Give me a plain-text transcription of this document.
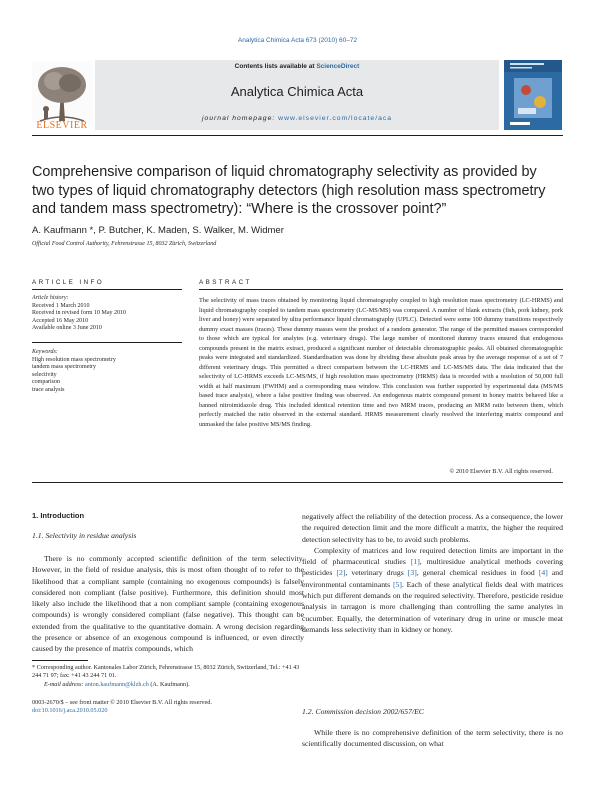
Analytica Chimica Acta 673 (2010) 60–72
ELSEVIER
Contents lists available at ScienceDirect
Analytica Chimica Acta
journal homepage: www.elsevier.com/locate/aca
Comprehensive comparison of liquid chromatography selectivity as provided by two types of liquid chromatography detectors (high resolution mass spectrometry and tandem mass spectrometry): “Where is the crossover point?”
A. Kaufmann *, P. Butcher, K. Maden, S. Walker, M. Widmer
Official Food Control Authority, Fehrenstrasse 15, 8032 Zürich, Switzerland
ARTICLE INFO	ABSTRACT
Article history:
Received 1 March 2010
Received in revised form 10 May 2010
Accepted 16 May 2010
Available online 3 June 2010
Keywords:
High resolution mass spectrometry
tandem mass spectrometry
selectivity
comparison
trace analysis
The selectivity of mass traces obtained by monitoring liquid chromatography coupled to high resolution mass spectrometry (LC-HRMS) and liquid chromatography coupled to tandem mass spectrometry (LC-MS/MS) was compared. A number of blank extracts (fish, pork kidney, pork liver and honey) were separated by ultra performance liquid chromatography (UPLC). Detected were some 100 dummy transitions respectively dummy exact masses (traces). These dummy masses were the product of a random generator. The range of the permitted masses corresponded to those which are typical for analytes (e.g. veterinary drugs). The large number of monitored dummy traces ensured that endogenous compounds present in the matrix extract, produced a significant number of detectable chromatographic peaks. All obtained chromatographic peaks were integrated and standardized. Standardisation was done by dividing these absolute peak areas by the average response of a set of 7 different veterinary drugs. This permitted a direct comparison between the LC-HRMS and LC-MS/MS data. The data indicated that the selectivity of LC-HRMS exceeds LC-MS/MS, if high resolution mass spectrometry (HRMS) data is recorded with a resolution of 50,000 full width at half maximum (FWHM) and a corresponding mass window. This conclusion was further supported by experimental data (MS/MS based trace analysis), where a false positive finding was observed. An endogenous matrix compound present in honey matrix behaved like a banned nitroimidazole drug. This included identical retention time and two MRM traces, producing an MRM ratio between them, which perfectly matched the ratio observed in the external standard. HRMS measurement clearly resolved the interfering matrix compound and unmasked the false positive MS/MS finding.
© 2010 Elsevier B.V. All rights reserved.
1. Introduction
1.1. Selectivity in residue analysis

There is no commonly accepted scientific definition of the term selectivity. However, in the field of residue analysis, this is most often thought of to refer to the likelihood that a compliant sample (containing no exogenous compounds) is falsely considered non compliant (false positive). Furthermore, this definition should most likely also include the likelihood that a non compliant sample (containing exogenous compounds) is wrongly considered compliant (false negative). This thought can be extended from the qualitative to the quantitative domain. A wrong decision regarding the presence or absence of an exogenous compound is influenced, or even directly caused by the presence of matrix compounds, which

negatively affect the reliability of the detection process. As a consequence, the lower the required detection limit and the more difficult a matrix, the higher the required detection selectivity has to be, to avoid such problems.

Complexity of matrices and low required detection limits are important in the field of pharmaceutical studies [1], multiresidue analytical methods covering pesticides [2], veterinary drugs [3], general chemical residues in food [4] and environmental contaminants [5]. Each of these analytical fields deal with matrices which put different demands on the required selectivity. Therefore, pesticide residue analysis in tarragon is more challenging than controlling the same analytes in cucumber. Equally, the determination of veterinary drug in urine or muscle meat demands less selectivity than in kidney or honey.

1.2. Commission decision 2002/657/EC

While there is no comprehensive definition of the term selectivity, there is no scientifically documented discussion, on what

* Corresponding author. Kantonales Labor Zürich, Fehrenstrasse 15, 8032 Zürich, Switzerland, Tel.: +41 43 244 71 97; fax: +41 43 244 71 01.
E-mail address: anton.kaufmann@klzh.ch (A. Kaufmann).
0003-2670/$ – see front matter © 2010 Elsevier B.V. All rights reserved.
doi:10.1016/j.aca.2010.05.020
